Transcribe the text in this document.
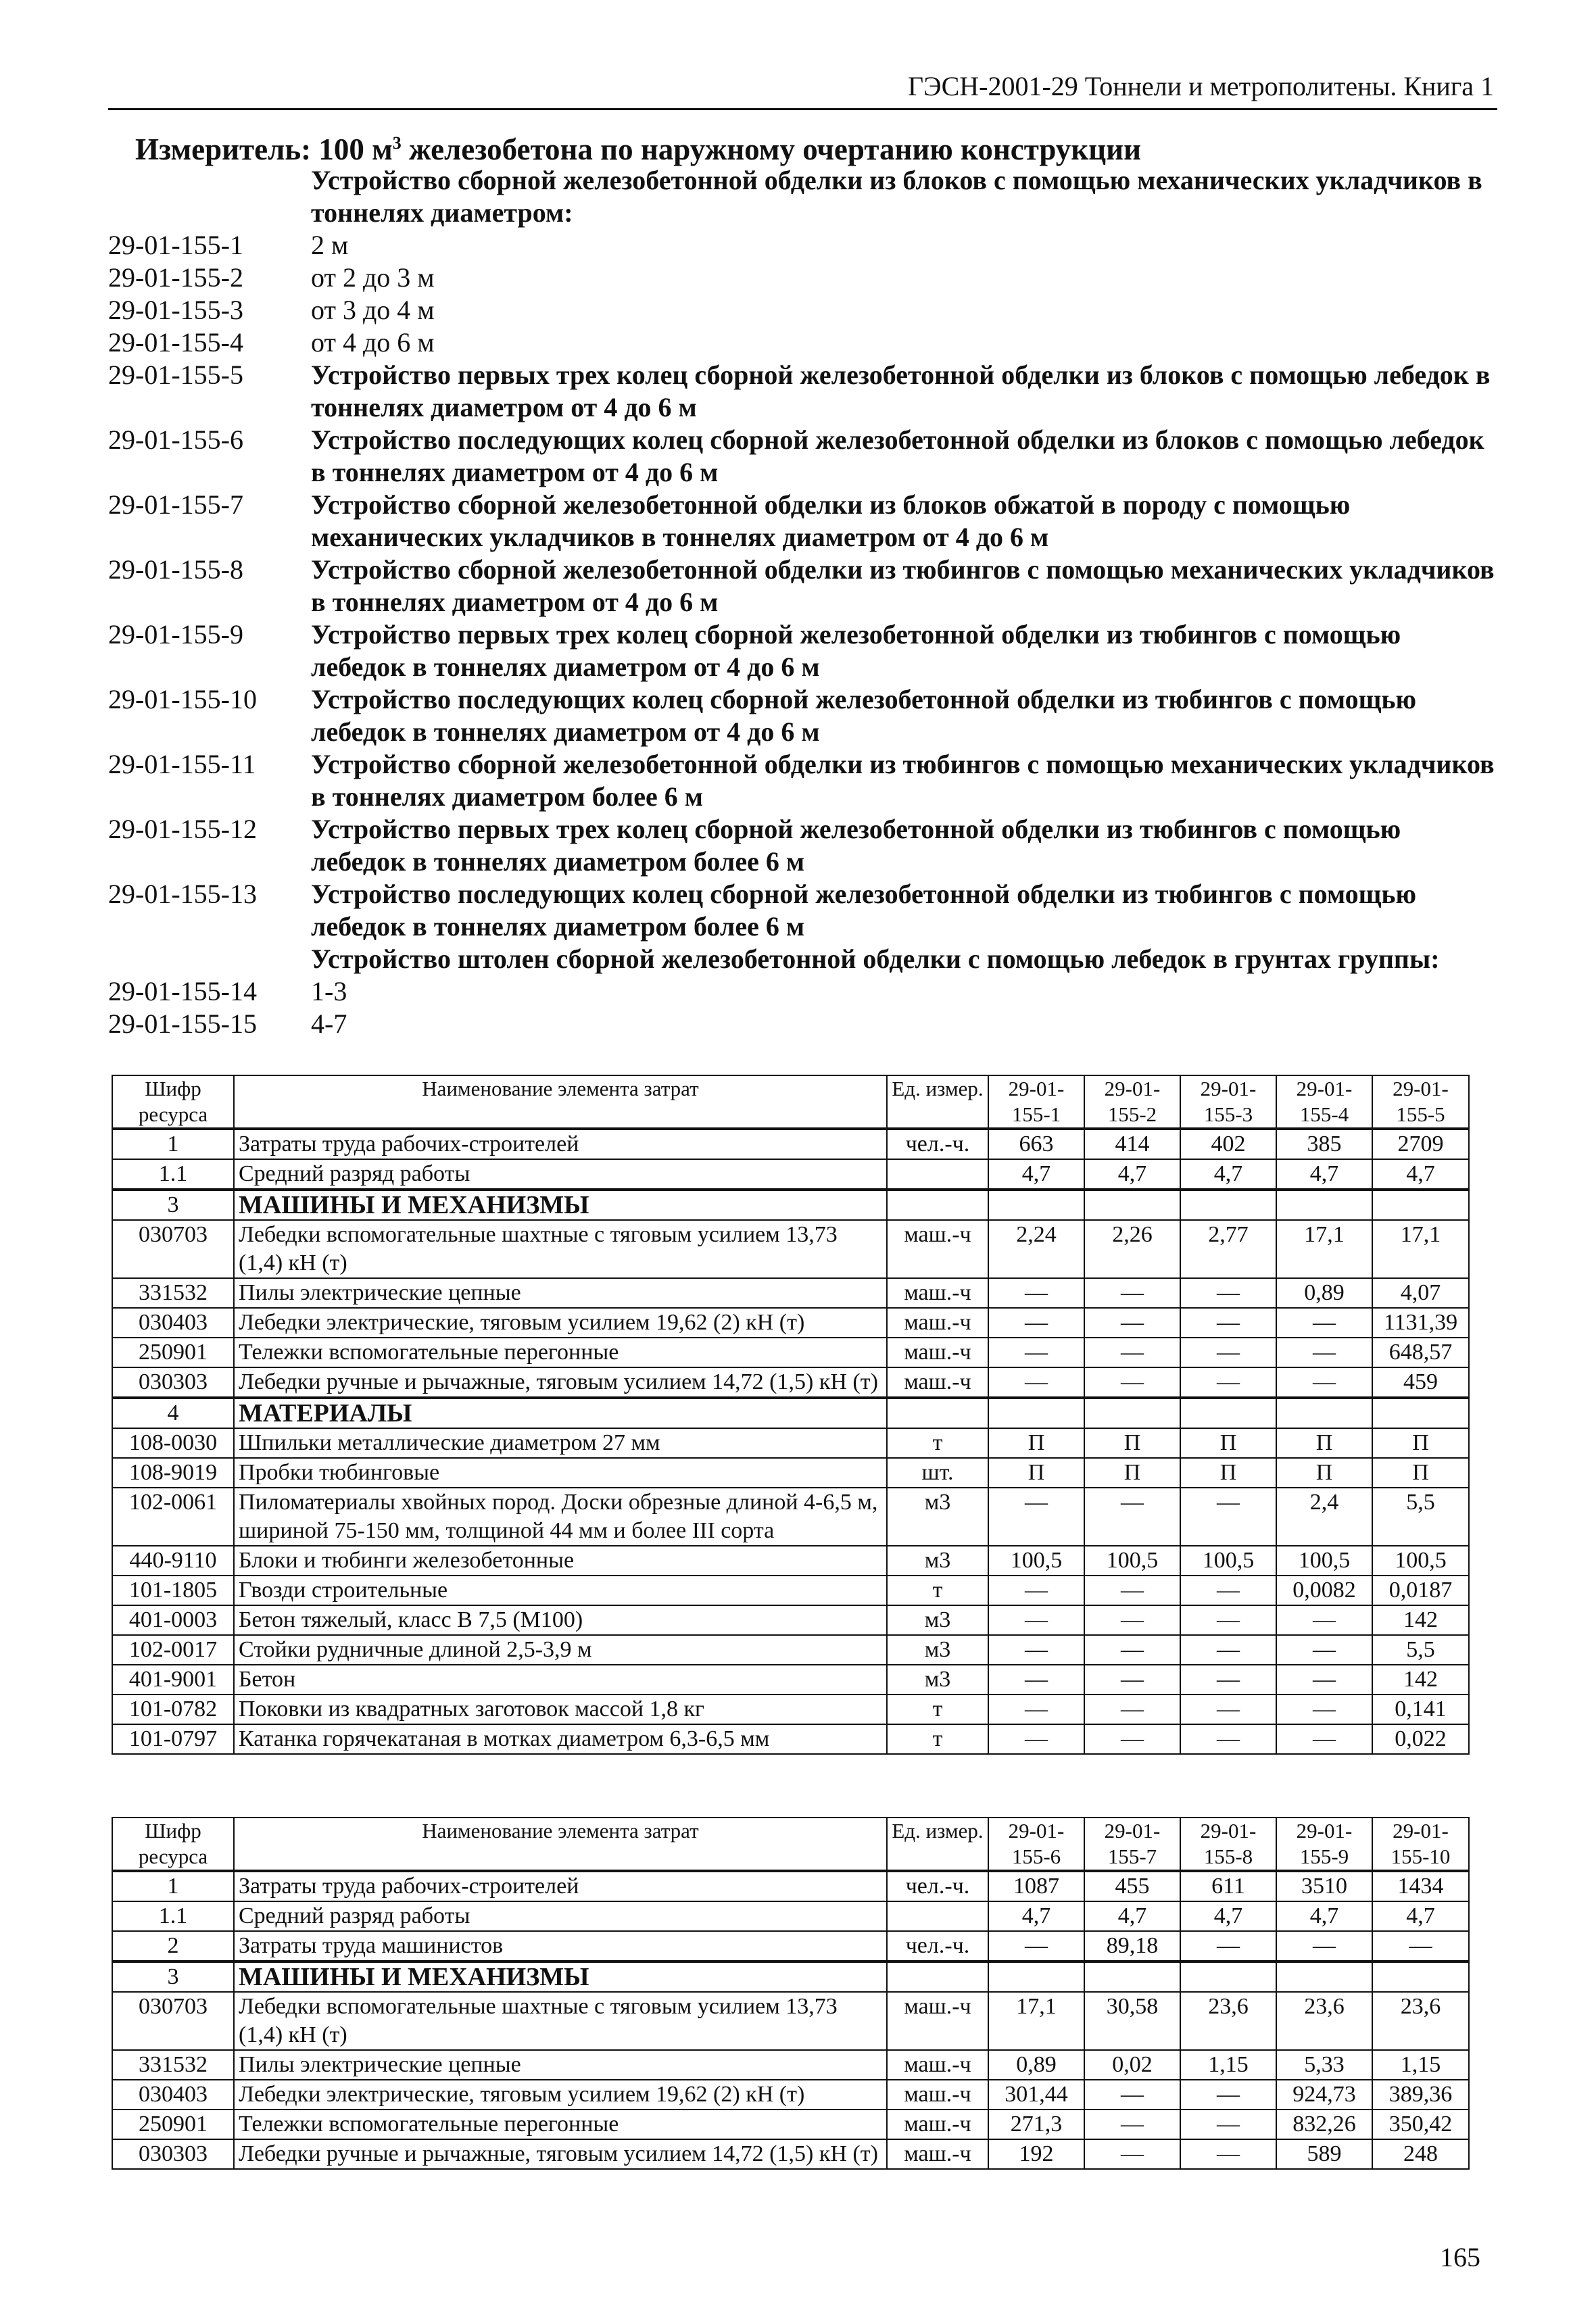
ГЭСН-2001-29 Тоннели и метрополитены. Книга 1
Измеритель: 100 $м^3$ железобетона по наружному очертанию конструкции
Устройство сборной железобетонной обделки из блоков с помощью механических укладчиков в тоннелях диаметром:
29-01-155-1	2 м
29-01-155-2	от 2 до 3 м
29-01-155-3	от 3 до 4 м
29-01-155-4	от 4 до 6 м
29-01-155-5	Устройство первых трех колец сборной железобетонной обделки из блоков с помощью лебедок в тоннелях диаметром от 4 до 6 м
29-01-155-6	Устройство последующих колец сборной железобетонной обделки из блоков с помощью лебедок в тоннелях диаметром от 4 до 6 м
29-01-155-7	Устройство сборной железобетонной обделки из блоков обжатой в породу с помощью механических укладчиков в тоннелях диаметром от 4 до 6 м
29-01-155-8	Устройство сборной железобетонной обделки из тюбингов с помощью механических укладчиков в тоннелях диаметром от 4 до 6 м
29-01-155-9	Устройство первых трех колец сборной железобетонной обделки из тюбингов с помощью лебедок в тоннелях диаметром от 4 до 6 м
29-01-155-10	Устройство последующих колец сборной железобетонной обделки из тюбингов с помощью лебедок в тоннелях диаметром от 4 до 6 м
29-01-155-11	Устройство сборной железобетонной обделки из тюбингов с помощью механических укладчиков в тоннелях диаметром более 6 м
29-01-155-12	Устройство первых трех колец сборной железобетонной обделки из тюбингов с помощью лебедок в тоннелях диаметром более 6 м
29-01-155-13	Устройство последующих колец сборной железобетонной обделки из тюбингов с помощью лебедок в тоннелях диаметром более 6 м
Устройство штолен сборной железобетонной обделки с помощью лебедок в грунтах группы:
29-01-155-14	1-3
29-01-155-15	4-7
Шифр ресурса	Наименование элемента затрат	Ед. измер.	29-01-155-1	29-01-155-2	29-01-155-3	29-01-155-4	29-01-155-5
1	Затраты труда рабочих-строителей	чел.-ч.	663	414	402	385	2709
1.1	Средний разряд работы		4,7	4,7	4,7	4,7	4,7
3	МАШИНЫ И МЕХАНИЗМЫ						
030703	Лебедки вспомогательные шахтные с тяговым усилием 13,73 (1,4) кН (т)	маш.-ч	2,24	2,26	2,77	17,1	17,1
331532	Пилы электрические цепные	маш.-ч	—	—	—	0,89	4,07
030403	Лебедки электрические, тяговым усилием 19,62 (2) кН (т)	маш.-ч	—	—	—	—	1131,39
250901	Тележки вспомогательные перегонные	маш.-ч	—	—	—	—	648,57
030303	Лебедки ручные и рычажные, тяговым усилием 14,72 (1,5) кН (т)	маш.-ч	—	—	—	—	459
4	МАТЕРИАЛЫ						
108-0030	Шпильки металлические диаметром 27 мм	т	П	П	П	П	П
108-9019	Пробки тюбинговые	шт.	П	П	П	П	П
102-0061	Пиломатериалы хвойных пород. Доски обрезные длиной 4-6,5 м, шириной 75-150 мм, толщиной 44 мм и более III сорта	м3	—	—	—	2,4	5,5
440-9110	Блоки и тюбинги железобетонные	м3	100,5	100,5	100,5	100,5	100,5
101-1805	Гвозди строительные	т	—	—	—	0,0082	0,0187
401-0003	Бетон тяжелый, класс В 7,5 (М100)	м3	—	—	—	—	142
102-0017	Стойки рудничные длиной 2,5-3,9 м	м3	—	—	—	—	5,5
401-9001	Бетон	м3	—	—	—	—	142
101-0782	Поковки из квадратных заготовок массой 1,8 кг	т	—	—	—	—	0,141
101-0797	Катанка горячекатаная в мотках диаметром 6,3-6,5 мм	т	—	—	—	—	0,022
Шифр ресурса	Наименование элемента затрат	Ед. измер.	29-01-155-6	29-01-155-7	29-01-155-8	29-01-155-9	29-01-155-10
1	Затраты труда рабочих-строителей	чел.-ч.	1087	455	611	3510	1434
1.1	Средний разряд работы		4,7	4,7	4,7	4,7	4,7
2	Затраты труда машинистов	чел.-ч.	—	89,18	—	—	—
3	МАШИНЫ И МЕХАНИЗМЫ						
030703	Лебедки вспомогательные шахтные с тяговым усилием 13,73 (1,4) кН (т)	маш.-ч	17,1	30,58	23,6	23,6	23,6
331532	Пилы электрические цепные	маш.-ч	0,89	0,02	1,15	5,33	1,15
030403	Лебедки электрические, тяговым усилием 19,62 (2) кН (т)	маш.-ч	301,44	—	—	924,73	389,36
250901	Тележки вспомогательные перегонные	маш.-ч	271,3	—	—	832,26	350,42
030303	Лебедки ручные и рычажные, тяговым усилием 14,72 (1,5) кН (т)	маш.-ч	192	—	—	589	248
165
